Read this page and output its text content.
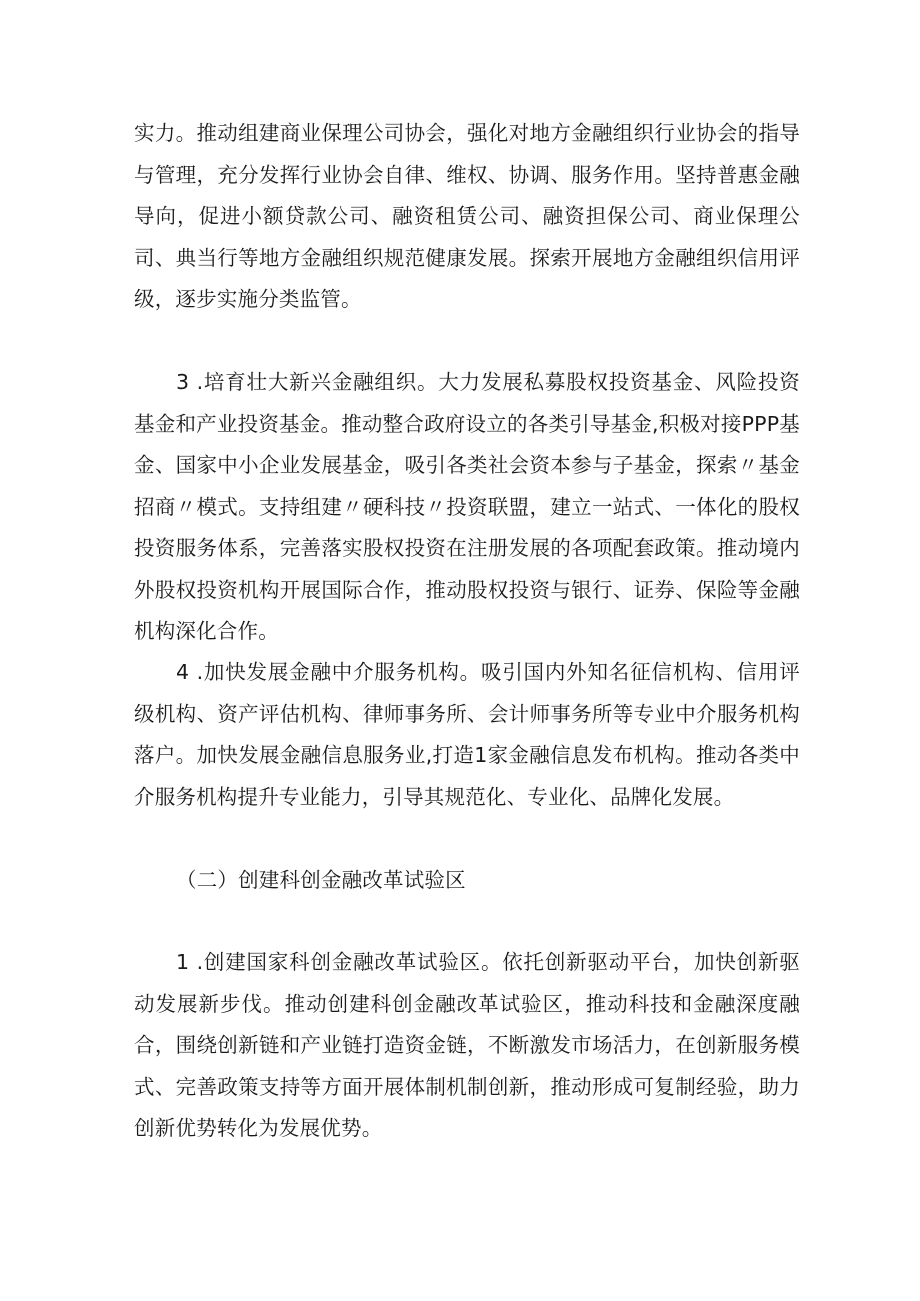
实力。推动组建商业保理公司协会，强化对地方金融组织行业协会的指导与管理，充分发挥行业协会自律、维权、协调、服务作用。坚持普惠金融导向，促进小额贷款公司、融资租赁公司、融资担保公司、商业保理公司、典当行等地方金融组织规范健康发展。探索开展地方金融组织信用评级，逐步实施分类监管。

3 .培育壮大新兴金融组织。大力发展私募股权投资基金、风险投资基金和产业投资基金。推动整合政府设立的各类引导基金,积极对接PPP基金、国家中小企业发展基金，吸引各类社会资本参与子基金，探索〃基金招商〃模式。支持组建〃硬科技〃投资联盟，建立一站式、一体化的股权投资服务体系，完善落实股权投资在注册发展的各项配套政策。推动境内外股权投资机构开展国际合作，推动股权投资与银行、证券、保险等金融机构深化合作。

4 .加快发展金融中介服务机构。吸引国内外知名征信机构、信用评级机构、资产评估机构、律师事务所、会计师事务所等专业中介服务机构落户。加快发展金融信息服务业,打造1家金融信息发布机构。推动各类中介服务机构提升专业能力，引导其规范化、专业化、品牌化发展。

（二）创建科创金融改革试验区

1 .创建国家科创金融改革试验区。依托创新驱动平台，加快创新驱动发展新步伐。推动创建科创金融改革试验区，推动科技和金融深度融合，围绕创新链和产业链打造资金链，不断激发市场活力，在创新服务模式、完善政策支持等方面开展体制机制创新，推动形成可复制经验，助力创新优势转化为发展优势。
